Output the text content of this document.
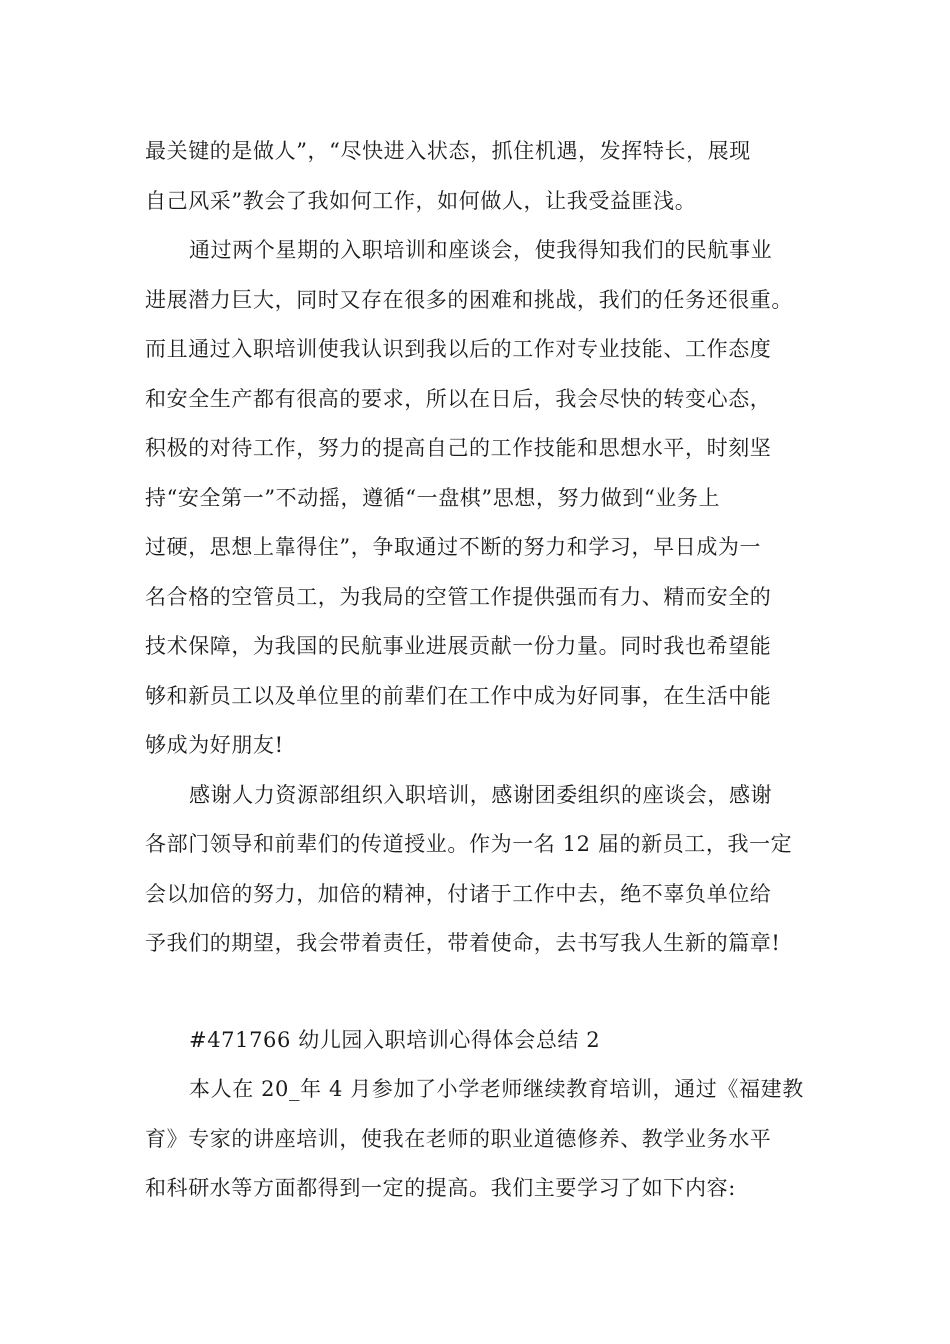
最关键的是做人”，“尽快进入状态，抓住机遇，发挥特长，展现
自己风采”教会了我如何工作，如何做人，让我受益匪浅。
通过两个星期的入职培训和座谈会，使我得知我们的民航事业
进展潜力巨大，同时又存在很多的困难和挑战，我们的任务还很重。
而且通过入职培训使我认识到我以后的工作对专业技能、工作态度
和安全生产都有很高的要求，所以在日后，我会尽快的转变心态，
积极的对待工作，努力的提高自己的工作技能和思想水平，时刻坚
持“安全第一”不动摇，遵循“一盘棋”思想，努力做到“业务上
过硬，思想上靠得住”，争取通过不断的努力和学习，早日成为一
名合格的空管员工，为我局的空管工作提供强而有力、精而安全的
技术保障，为我国的民航事业进展贡献一份力量。同时我也希望能
够和新员工以及单位里的前辈们在工作中成为好同事，在生活中能
够成为好朋友!
感谢人力资源部组织入职培训，感谢团委组织的座谈会，感谢
各部门领导和前辈们的传道授业。作为一名 12 届的新员工，我一定
会以加倍的努力，加倍的精神，付诸于工作中去，绝不辜负单位给
予我们的期望，我会带着责任，带着使命，去书写我人生新的篇章!
#471766 幼儿园入职培训心得体会总结 2
本人在 20_年 4 月参加了小学老师继续教育培训，通过《福建教
育》专家的讲座培训，使我在老师的职业道德修养、教学业务水平
和科研水等方面都得到一定的提高。我们主要学习了如下内容:
